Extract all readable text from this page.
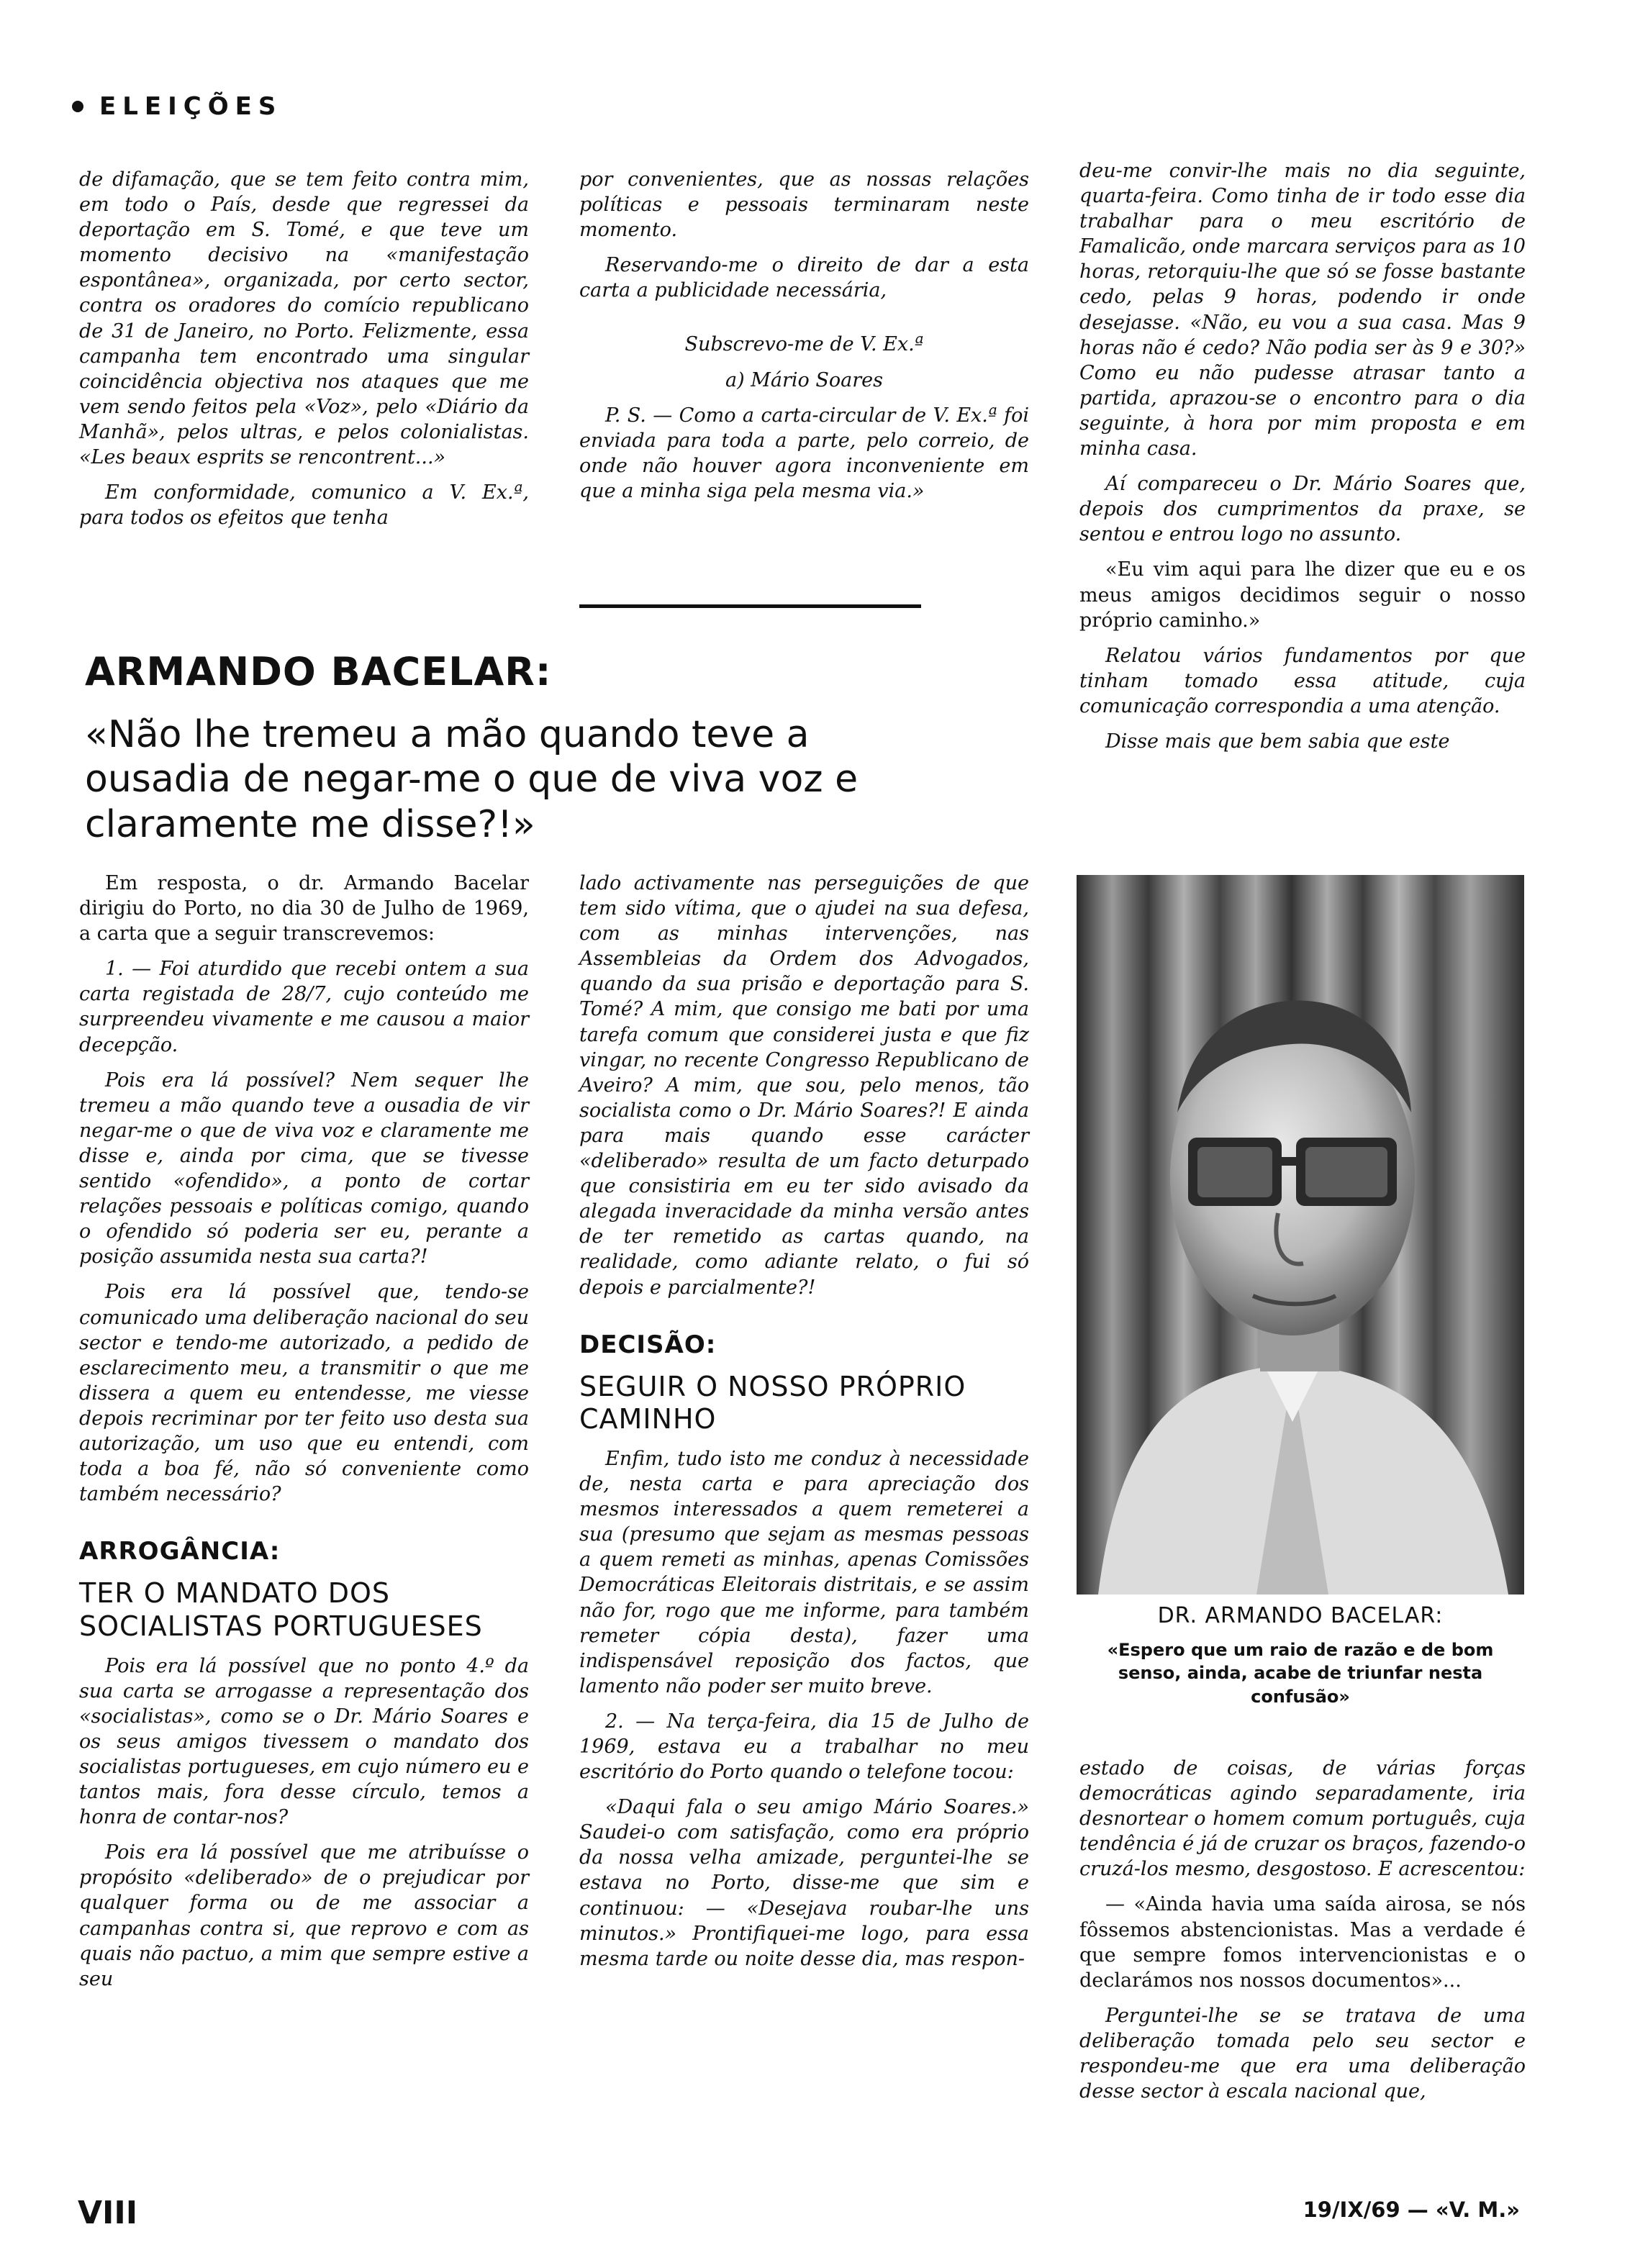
ELEIÇÕES

de difamação, que se tem feito contra mim, em todo o País, desde que regressei da deportação em S. Tomé, e que teve um momento decisivo na «manifestação espontânea», organizada, por certo sector, contra os oradores do comício republicano de 31 de Janeiro, no Porto. Felizmente, essa campanha tem encontrado uma singular coincidência objectiva nos ataques que me vem sendo feitos pela «Voz», pelo «Diário da Manhã», pelos ultras, e pelos colonialistas. «Les beaux esprits se rencontrent...»

Em conformidade, comunico a V. Ex.ª, para todos os efeitos que tenha

por convenientes, que as nossas relações políticas e pessoais terminaram neste momento.

Reservando-me o direito de dar a esta carta a publicidade necessária,

Subscrevo-me de V. Ex.ª

a) Mário Soares

P. S. — Como a carta-circular de V. Ex.ª foi enviada para toda a parte, pelo correio, de onde não houver agora inconveniente em que a minha siga pela mesma via.»

deu-me convir-lhe mais no dia seguinte, quarta-feira. Como tinha de ir todo esse dia trabalhar para o meu escritório de Famalicão, onde marcara serviços para as 10 horas, retorquiu-lhe que só se fosse bastante cedo, pelas 9 horas, podendo ir onde desejasse. «Não, eu vou a sua casa. Mas 9 horas não é cedo? Não podia ser às 9 e 30?» Como eu não pudesse atrasar tanto a partida, aprazou-se o encontro para o dia seguinte, à hora por mim proposta e em minha casa.

Aí compareceu o Dr. Mário Soares que, depois dos cumprimentos da praxe, se sentou e entrou logo no assunto.

«Eu vim aqui para lhe dizer que eu e os meus amigos decidimos seguir o nosso próprio caminho.»

Relatou vários fundamentos por que tinham tomado essa atitude, cuja comunicação correspondia a uma atenção.

Disse mais que bem sabia que este

ARMANDO BACELAR:
«Não lhe tremeu a mão quando teve a ousadia de negar-me o que de viva voz e claramente me disse?!»

Em resposta, o dr. Armando Bacelar dirigiu do Porto, no dia 30 de Julho de 1969, a carta que a seguir transcrevemos:

1. — Foi aturdido que recebi ontem a sua carta registada de 28/7, cujo conteúdo me surpreendeu vivamente e me causou a maior decepção.

Pois era lá possível? Nem sequer lhe tremeu a mão quando teve a ousadia de vir negar-me o que de viva voz e claramente me disse e, ainda por cima, que se tivesse sentido «ofendido», a ponto de cortar relações pessoais e políticas comigo, quando o ofendido só poderia ser eu, perante a posição assumida nesta sua carta?!

Pois era lá possível que, tendo-se comunicado uma deliberação nacional do seu sector e tendo-me autorizado, a pedido de esclarecimento meu, a transmitir o que me dissera a quem eu entendesse, me viesse depois recriminar por ter feito uso desta sua autorização, um uso que eu entendi, com toda a boa fé, não só conveniente como também necessário?

ARROGÂNCIA:

TER O MANDATO DOS SOCIALISTAS PORTUGUESES

Pois era lá possível que no ponto 4.º da sua carta se arrogasse a representação dos «socialistas», como se o Dr. Mário Soares e os seus amigos tivessem o mandato dos socialistas portugueses, em cujo número eu e tantos mais, fora desse círculo, temos a honra de contar-nos?

Pois era lá possível que me atribuísse o propósito «deliberado» de o prejudicar por qualquer forma ou de me associar a campanhas contra si, que reprovo e com as quais não pactuo, a mim que sempre estive a seu

lado activamente nas perseguições de que tem sido vítima, que o ajudei na sua defesa, com as minhas intervenções, nas Assembleias da Ordem dos Advogados, quando da sua prisão e deportação para S. Tomé? A mim, que consigo me bati por uma tarefa comum que considerei justa e que fiz vingar, no recente Congresso Republicano de Aveiro? A mim, que sou, pelo menos, tão socialista como o Dr. Mário Soares?! E ainda para mais quando esse carácter «deliberado» resulta de um facto deturpado que consistiria em eu ter sido avisado da alegada inveracidade da minha versão antes de ter remetido as cartas quando, na realidade, como adiante relato, o fui só depois e parcialmente?!

DECISÃO:

SEGUIR O NOSSO PRÓPRIO CAMINHO

Enfim, tudo isto me conduz à necessidade de, nesta carta e para apreciação dos mesmos interessados a quem remeterei a sua (presumo que sejam as mesmas pessoas a quem remeti as minhas, apenas Comissões Democráticas Eleitorais distritais, e se assim não for, rogo que me informe, para também remeter cópia desta), fazer uma indispensável reposição dos factos, que lamento não poder ser muito breve.

2. — Na terça-feira, dia 15 de Julho de 1969, estava eu a trabalhar no meu escritório do Porto quando o telefone tocou:

«Daqui fala o seu amigo Mário Soares.» Saudei-o com satisfação, como era próprio da nossa velha amizade, perguntei-lhe se estava no Porto, disse-me que sim e continuou: — «Desejava roubar-lhe uns minutos.» Prontifiquei-me logo, para essa mesma tarde ou noite desse dia, mas respon-

DR. ARMANDO BACELAR:
«Espero que um raio de razão e de bom senso, ainda, acabe de triunfar nesta confusão»

estado de coisas, de várias forças democráticas agindo separadamente, iria desnortear o homem comum português, cuja tendência é já de cruzar os braços, fazendo-o cruzá-los mesmo, desgostoso. E acrescentou:

— «Ainda havia uma saída airosa, se nós fôssemos abstencionistas. Mas a verdade é que sempre fomos intervencionistas e o declarámos nos nossos documentos»...

Perguntei-lhe se se tratava de uma deliberação tomada pelo seu sector e respondeu-me que era uma deliberação desse sector à escala nacional que,

VIII	19/IX/69 — «V. M.»
